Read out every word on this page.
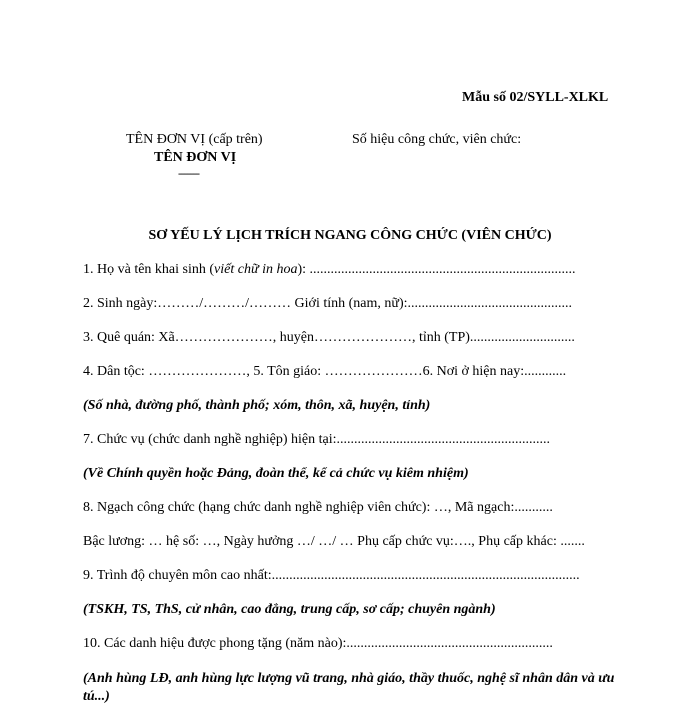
Mẫu số 02/SYLL-XLKL
TÊN ĐƠN VỊ (cấp trên)
TÊN ĐƠN VỊ
-------
Số hiệu công chức, viên chức:
SƠ YẾU LÝ LỊCH TRÍCH NGANG CÔNG CHỨC (VIÊN CHỨC)
1. Họ và tên khai sinh (viết chữ in hoa): ............................................................................
2. Sinh ngày:………/………/……… Giới tính (nam, nữ):...............................................
3. Quê quán: Xã…………………, huyện…………………, tỉnh (TP)..............................
4. Dân tộc: …………………, 5. Tôn giáo: …………………6. Nơi ở hiện nay:............
(Số nhà, đường phố, thành phố; xóm, thôn, xã, huyện, tỉnh)
7. Chức vụ (chức danh nghề nghiệp) hiện tại:.............................................................
(Về Chính quyền hoặc Đảng, đoàn thể, kể cả chức vụ kiêm nhiệm)
8. Ngạch công chức (hạng chức danh nghề nghiệp viên chức): …, Mã ngạch:...........
Bậc lương: … hệ số: …, Ngày hưởng …/ …/ … Phụ cấp chức vụ:…., Phụ cấp khác: .......
9. Trình độ chuyên môn cao nhất:........................................................................................
(TSKH, TS, ThS, cử nhân, cao đẳng, trung cấp, sơ cấp; chuyên ngành)
10. Các danh hiệu được phong tặng (năm nào):...........................................................
(Anh hùng LĐ, anh hùng lực lượng vũ trang, nhà giáo, thầy thuốc, nghệ sĩ nhân dân và ưu tú...)
